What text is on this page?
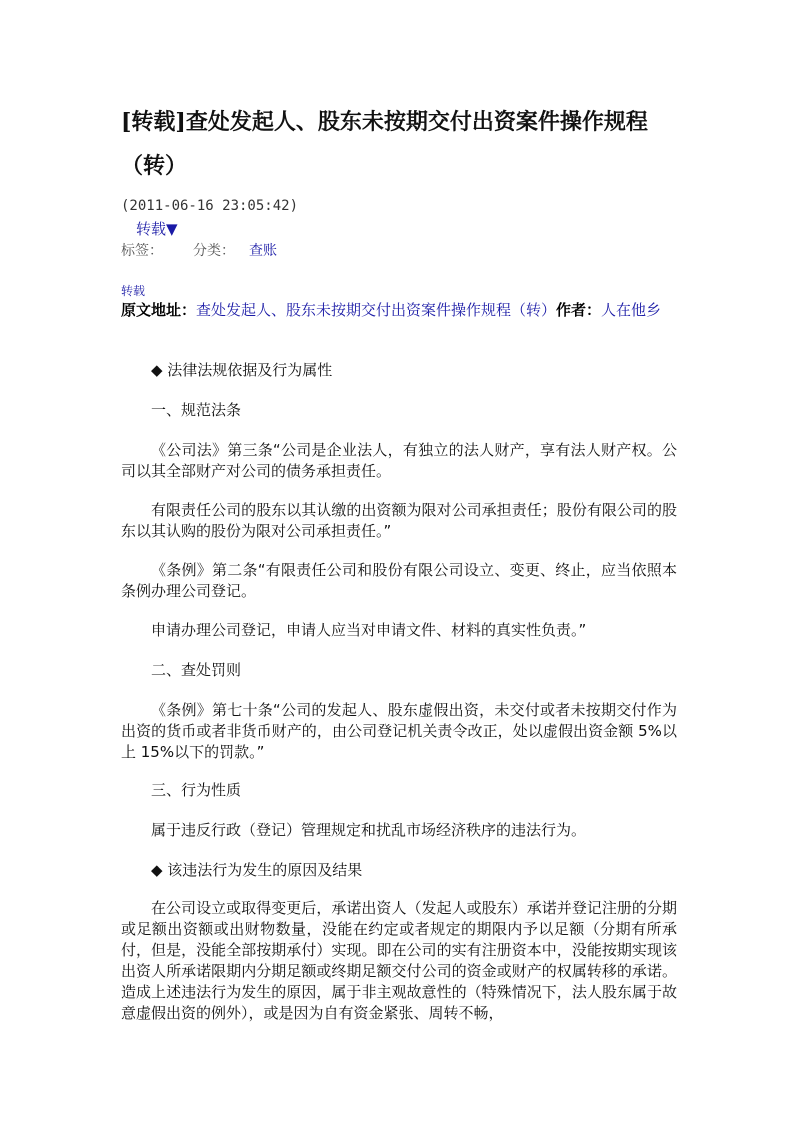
[转载]查处发起人、股东未按期交付出资案件操作规程（转）
(2011-06-16 23:05:42)
转载▼
标签： 分类： 查账
转载
原文地址：查处发起人、股东未按期交付出资案件操作规程（转）作者：人在他乡
◆ 法律法规依据及行为属性
一、规范法条
《公司法》第三条“公司是企业法人，有独立的法人财产，享有法人财产权。公司以其全部财产对公司的债务承担责任。
有限责任公司的股东以其认缴的出资额为限对公司承担责任；股份有限公司的股东以其认购的股份为限对公司承担责任。”
《条例》第二条“有限责任公司和股份有限公司设立、变更、终止，应当依照本条例办理公司登记。
申请办理公司登记，申请人应当对申请文件、材料的真实性负责。”
二、查处罚则
《条例》第七十条“公司的发起人、股东虚假出资，未交付或者未按期交付作为出资的货币或者非货币财产的，由公司登记机关责令改正，处以虚假出资金额 5%以上 15%以下的罚款。”
三、行为性质
属于违反行政（登记）管理规定和扰乱市场经济秩序的违法行为。
◆ 该违法行为发生的原因及结果
在公司设立或取得变更后，承诺出资人（发起人或股东）承诺并登记注册的分期或足额出资额或出财物数量，没能在约定或者规定的期限内予以足额（分期有所承付，但是，没能全部按期承付）实现。即在公司的实有注册资本中，没能按期实现该出资人所承诺限期内分期足额或终期足额交付公司的资金或财产的权属转移的承诺。造成上述违法行为发生的原因，属于非主观故意性的（特殊情况下，法人股东属于故意虚假出资的例外），或是因为自有资金紧张、周转不畅，
